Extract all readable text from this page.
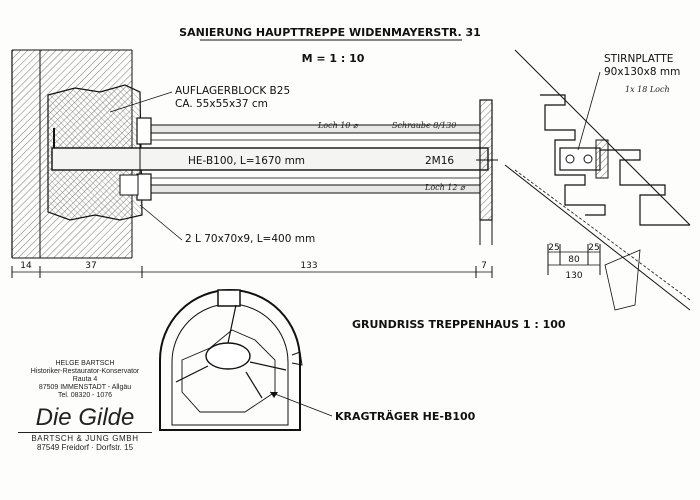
SANIERUNG HAUPTTREPPE WIDENMAYERSTR. 31
M = 1 : 10
AUFLAGERBLOCK B25
CA. 55x55x37 cm
HE-B100, L=1670 mm	2M16
Loch 10 ⌀	Schraube 8/130
Loch 12 ⌀
2 L 70x70x9, L=400 mm
14	37	133	7
STIRNPLATTE
90x130x8 mm
1x 18 Loch
25
80
25
130
GRUNDRISS TREPPENHAUS 1 : 100
KRAGTRÄGER HE-B100
HELGE BARTSCH
Historiker-Restaurator-Konservator
Rauta 4
87509 IMMENSTADT - Allgäu
Tel. 08320 - 1076
Die Gilde
BARTSCH & JUNG GMBH
87549 Freidorf · Dorfstr. 15
